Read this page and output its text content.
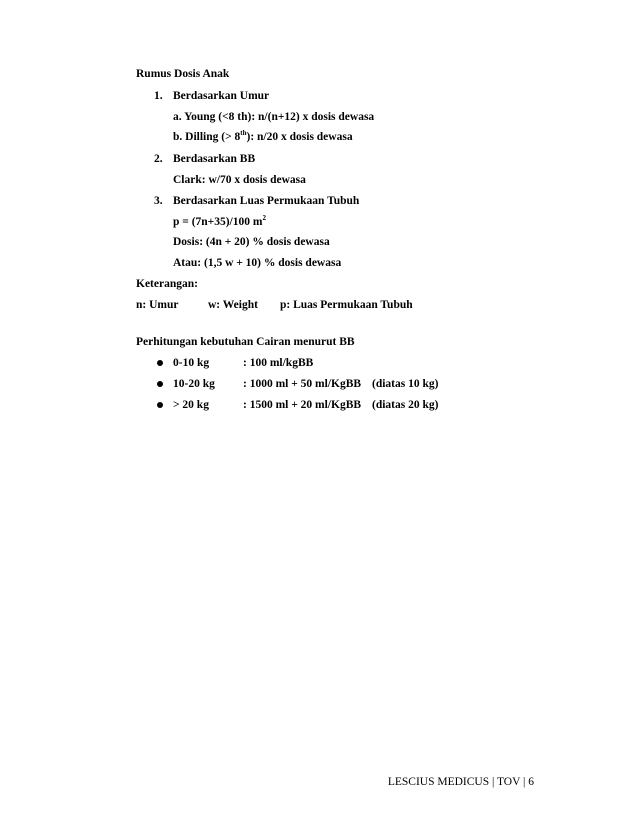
Rumus Dosis Anak
1. Berdasarkan Umur
a. Young (<8 th): n/(n+12) x dosis dewasa
b. Dilling (> 8th): n/20 x dosis dewasa
2. Berdasarkan BB
Clark: w/70 x dosis dewasa
3. Berdasarkan Luas Permukaan Tubuh
p = (7n+35)/100 $m^2$
Dosis: (4n + 20) % dosis dewasa
Atau: (1,5 w + 10) % dosis dewasa
Keterangan:
n: Umur	w: Weight p: Luas Permukaan Tubuh
Perhitungan kebutuhan Cairan menurut BB
0-10 kg	: 100 ml/kgBB
10-20 kg : 1000 ml + 50 ml/KgBB (diatas 10 kg)
> 20 kg	: 1500 ml + 20 ml/KgBB (diatas 20 kg)
LESCIUS MEDICUS | TOV | 6
